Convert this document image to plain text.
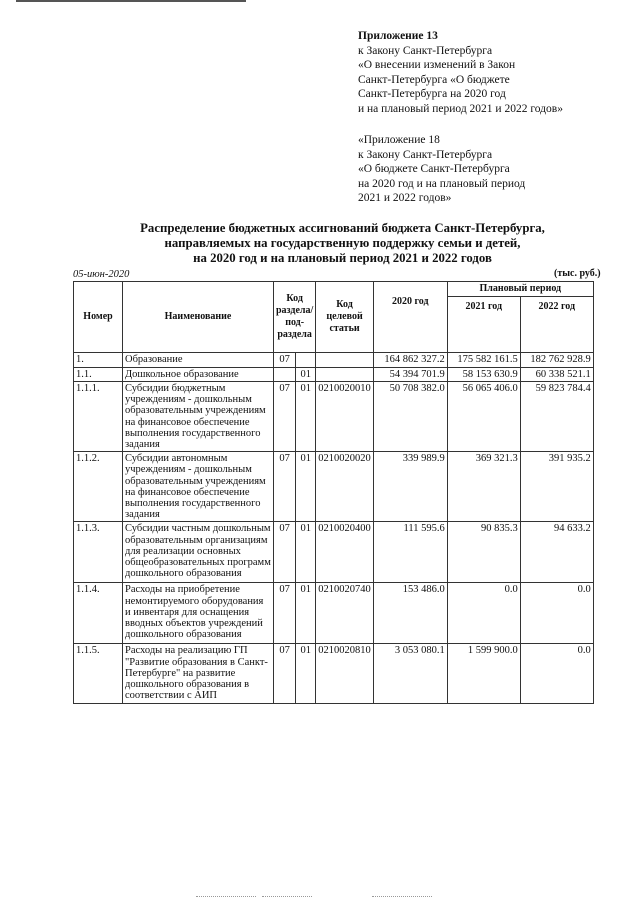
Приложение 13
к Закону Санкт-Петербурга
«О внесении изменений в Закон
Санкт-Петербурга «О бюджете
Санкт-Петербурга на 2020 год
и на плановый период 2021 и 2022 годов»
«Приложение 18
к Закону Санкт-Петербурга
«О бюджете Санкт-Петербурга
на 2020 год и на плановый период
2021 и 2022 годов»
Распределение бюджетных ассигнований бюджета Санкт-Петербурга,
направляемых на государственную поддержку семьи и детей,
на 2020 год и на плановый период 2021 и 2022 годов
05-июн-2020	(тыс. руб.)
Номер	Наименование	Код раздела/ под-раздела		Код целевой статьи	2020 год	Плановый период	
						2021 год	2022 год
1.	Образование	07			164 862 327.2	175 582 161.5	182 762 928.9
1.1.	Дошкольное образование		01		54 394 701.9	58 153 630.9	60 338 521.1
1.1.1.	Субсидии бюджетным учреждениям - дошкольным образовательным учреждениям на финансовое обеспечение выполнения государственного задания	07	01	0210020010	50 708 382.0	56 065 406.0	59 823 784.4
1.1.2.	Субсидии автономным учреждениям - дошкольным образовательным учреждениям на финансовое обеспечение выполнения государственного задания	07	01	0210020020	339 989.9	369 321.3	391 935.2
1.1.3.	Субсидии частным дошкольным образовательным организациям для реализации основных общеобразовательных программ дошкольного образования	07	01	0210020400	111 595.6	90 835.3	94 633.2
1.1.4.	Расходы на приобретение немонтируемого оборудования и инвентаря для оснащения вводных объектов учреждений дошкольного образования	07	01	0210020740	153 486.0	0.0	0.0
1.1.5.	Расходы на реализацию ГП "Развитие образования в Санкт-Петербурге" на развитие дошкольного образования в соответствии с АИП	07	01	0210020810	3 053 080.1	1 599 900.0	0.0
